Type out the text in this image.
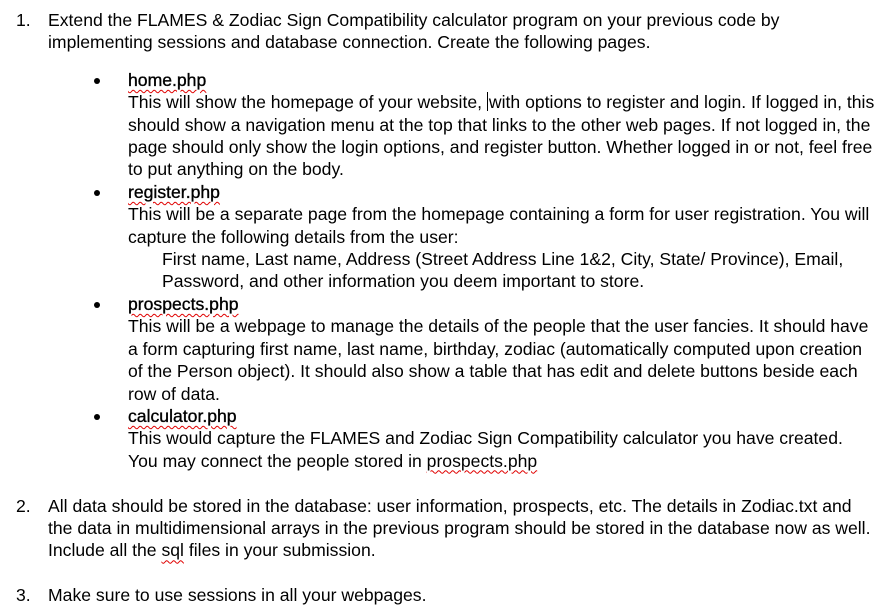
1. Extend the FLAMES & Zodiac Sign Compatibility calculator program on your previous code by implementing sessions and database connection. Create the following pages.
home.php
This will show the homepage of your website, with options to register and login. If logged in, this should show a navigation menu at the top that links to the other web pages. If not logged in, the page should only show the login options, and register button. Whether logged in or not, feel free to put anything on the body.
register.php
This will be a separate page from the homepage containing a form for user registration. You will capture the following details from the user:
First name, Last name, Address (Street Address Line 1&2, City, State/ Province), Email, Password, and other information you deem important to store.
prospects.php
This will be a webpage to manage the details of the people that the user fancies. It should have a form capturing first name, last name, birthday, zodiac (automatically computed upon creation of the Person object). It should also show a table that has edit and delete buttons beside each row of data.
calculator.php
This would capture the FLAMES and Zodiac Sign Compatibility calculator you have created. You may connect the people stored in prospects.php
2. All data should be stored in the database: user information, prospects, etc. The details in Zodiac.txt and the data in multidimensional arrays in the previous program should be stored in the database now as well. Include all the sql files in your submission.
3. Make sure to use sessions in all your webpages.
